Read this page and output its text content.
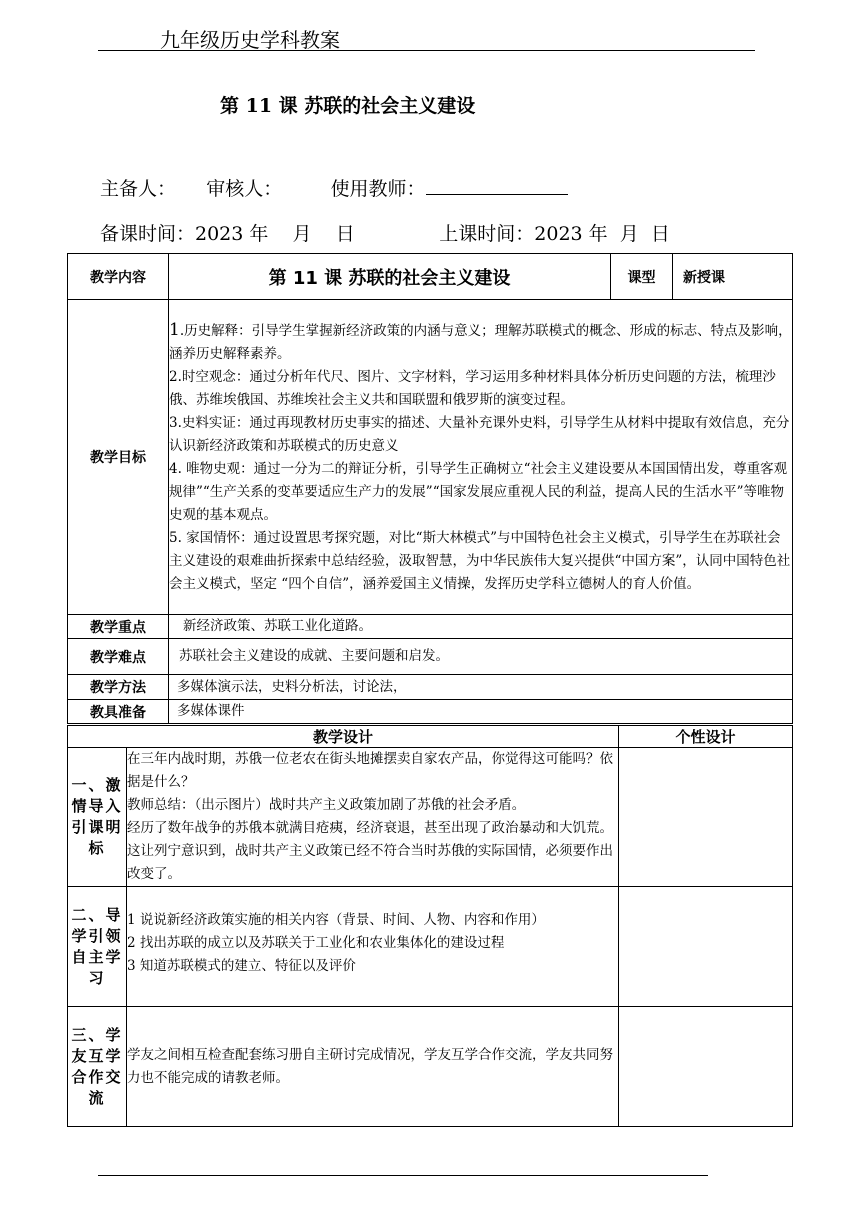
九年级历史学科教案
第 11 课 苏联的社会主义建设
主备人：     审核人：        使用教师：
备课时间：2023 年    月    日              上课时间：2023 年  月  日
教学内容	第 11 课 苏联的社会主义建设	课型	新授课
教学目标	1.历史解释：引导学生掌握新经济政策的内涵与意义；理解苏联模式的概念、形成的标志、特点及影响，涵养历史解释素养。

2.时空观念：通过分析年代尺、图片、文字材料，学习运用多种材料具体分析历史问题的方法，梳理沙俄、苏维埃俄国、苏维埃社会主义共和国联盟和俄罗斯的演变过程。

3.史料实证：通过再现教材历史事实的描述、大量补充课外史料，引导学生从材料中提取有效信息，充分认识新经济政策和苏联模式的历史意义

4. 唯物史观：通过一分为二的辩证分析，引导学生正确树立“社会主义建设要从本国国情出发，尊重客观规律”“生产关系的变革要适应生产力的发展”“国家发展应重视人民的利益，提高人民的生活水平”等唯物史观的基本观点。

5. 家国情怀：通过设置思考探究题，对比“斯大林模式”与中国特色社会主义模式，引导学生在苏联社会主义建设的艰难曲折探索中总结经验，汲取智慧，为中华民族伟大复兴提供“中国方案”，认同中国特色社会主义模式，坚定 “四个自信”，涵养爱国主义情操，发挥历史学科立德树人的育人价值。		

教学重点	新经济政策、苏联工业化道路。		
教学难点	苏联社会主义建设的成就、主要问题和启发。		
教学方法	多媒体演示法，史料分析法，讨论法，		
教具准备	多媒体课件		
教学设计		个性设计
一、激情导入引课明标	在三年内战时期，苏俄一位老农在街头地摊摆卖自家农产品，你觉得这可能吗？依据是什么？

教师总结：（出示图片）战时共产主义政策加剧了苏俄的社会矛盾。

经历了数年战争的苏俄本就满目疮痍，经济衰退，甚至出现了政治暴动和大饥荒。这让列宁意识到，战时共产主义政策已经不符合当时苏俄的实际国情，必须要作出改变了。	

二、导学引领自主学习	1 说说新经济政策实施的相关内容（背景、时间、人物、内容和作用）

2 找出苏联的成立以及苏联关于工业化和农业集体化的建设过程

3 知道苏联模式的建立、特征以及评价	

三、学友互学合作交流	学友之间相互检查配套练习册自主研讨完成情况，学友互学合作交流，学友共同努力也不能完成的请教老师。	
